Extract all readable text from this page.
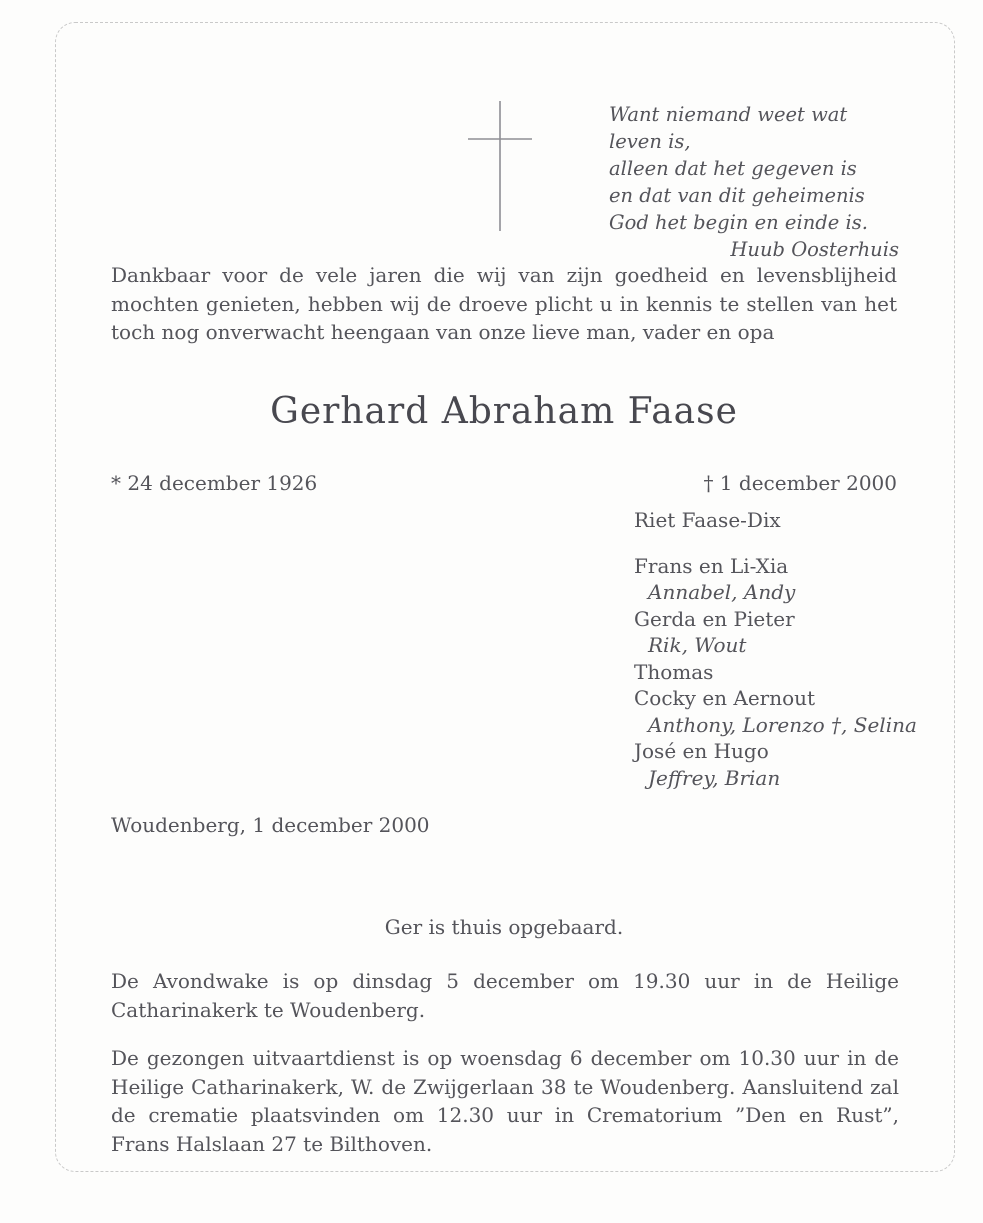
Want niemand weet wat leven is,
alleen dat het gegeven is
en dat van dit geheimenis
God het begin en einde is.
Huub Oosterhuis

Dankbaar voor de vele jaren die wij van zijn goedheid en levensblijheid mochten genieten, hebben wij de droeve plicht u in kennis te stellen van het toch nog onverwacht heengaan van onze lieve man, vader en opa

Gerhard Abraham Faase
* 24 december 1926	† 1 december 2000
Riet Faase-Dix
Frans en Li-Xia
Annabel, Andy
Gerda en Pieter
Rik, Wout
Thomas
Cocky en Aernout
Anthony, Lorenzo †, Selina
José en Hugo
Jeffrey, Brian
Woudenberg, 1 december 2000
Ger is thuis opgebaard.

De Avondwake is op dinsdag 5 december om 19.30 uur in de Heilige Catharinakerk te Woudenberg.

De gezongen uitvaartdienst is op woensdag 6 december om 10.30 uur in de Heilige Catharinakerk, W. de Zwijgerlaan 38 te Woudenberg. Aansluitend zal de crematie plaatsvinden om 12.30 uur in Crematorium ”Den en Rust”, Frans Halslaan 27 te Bilthoven.
